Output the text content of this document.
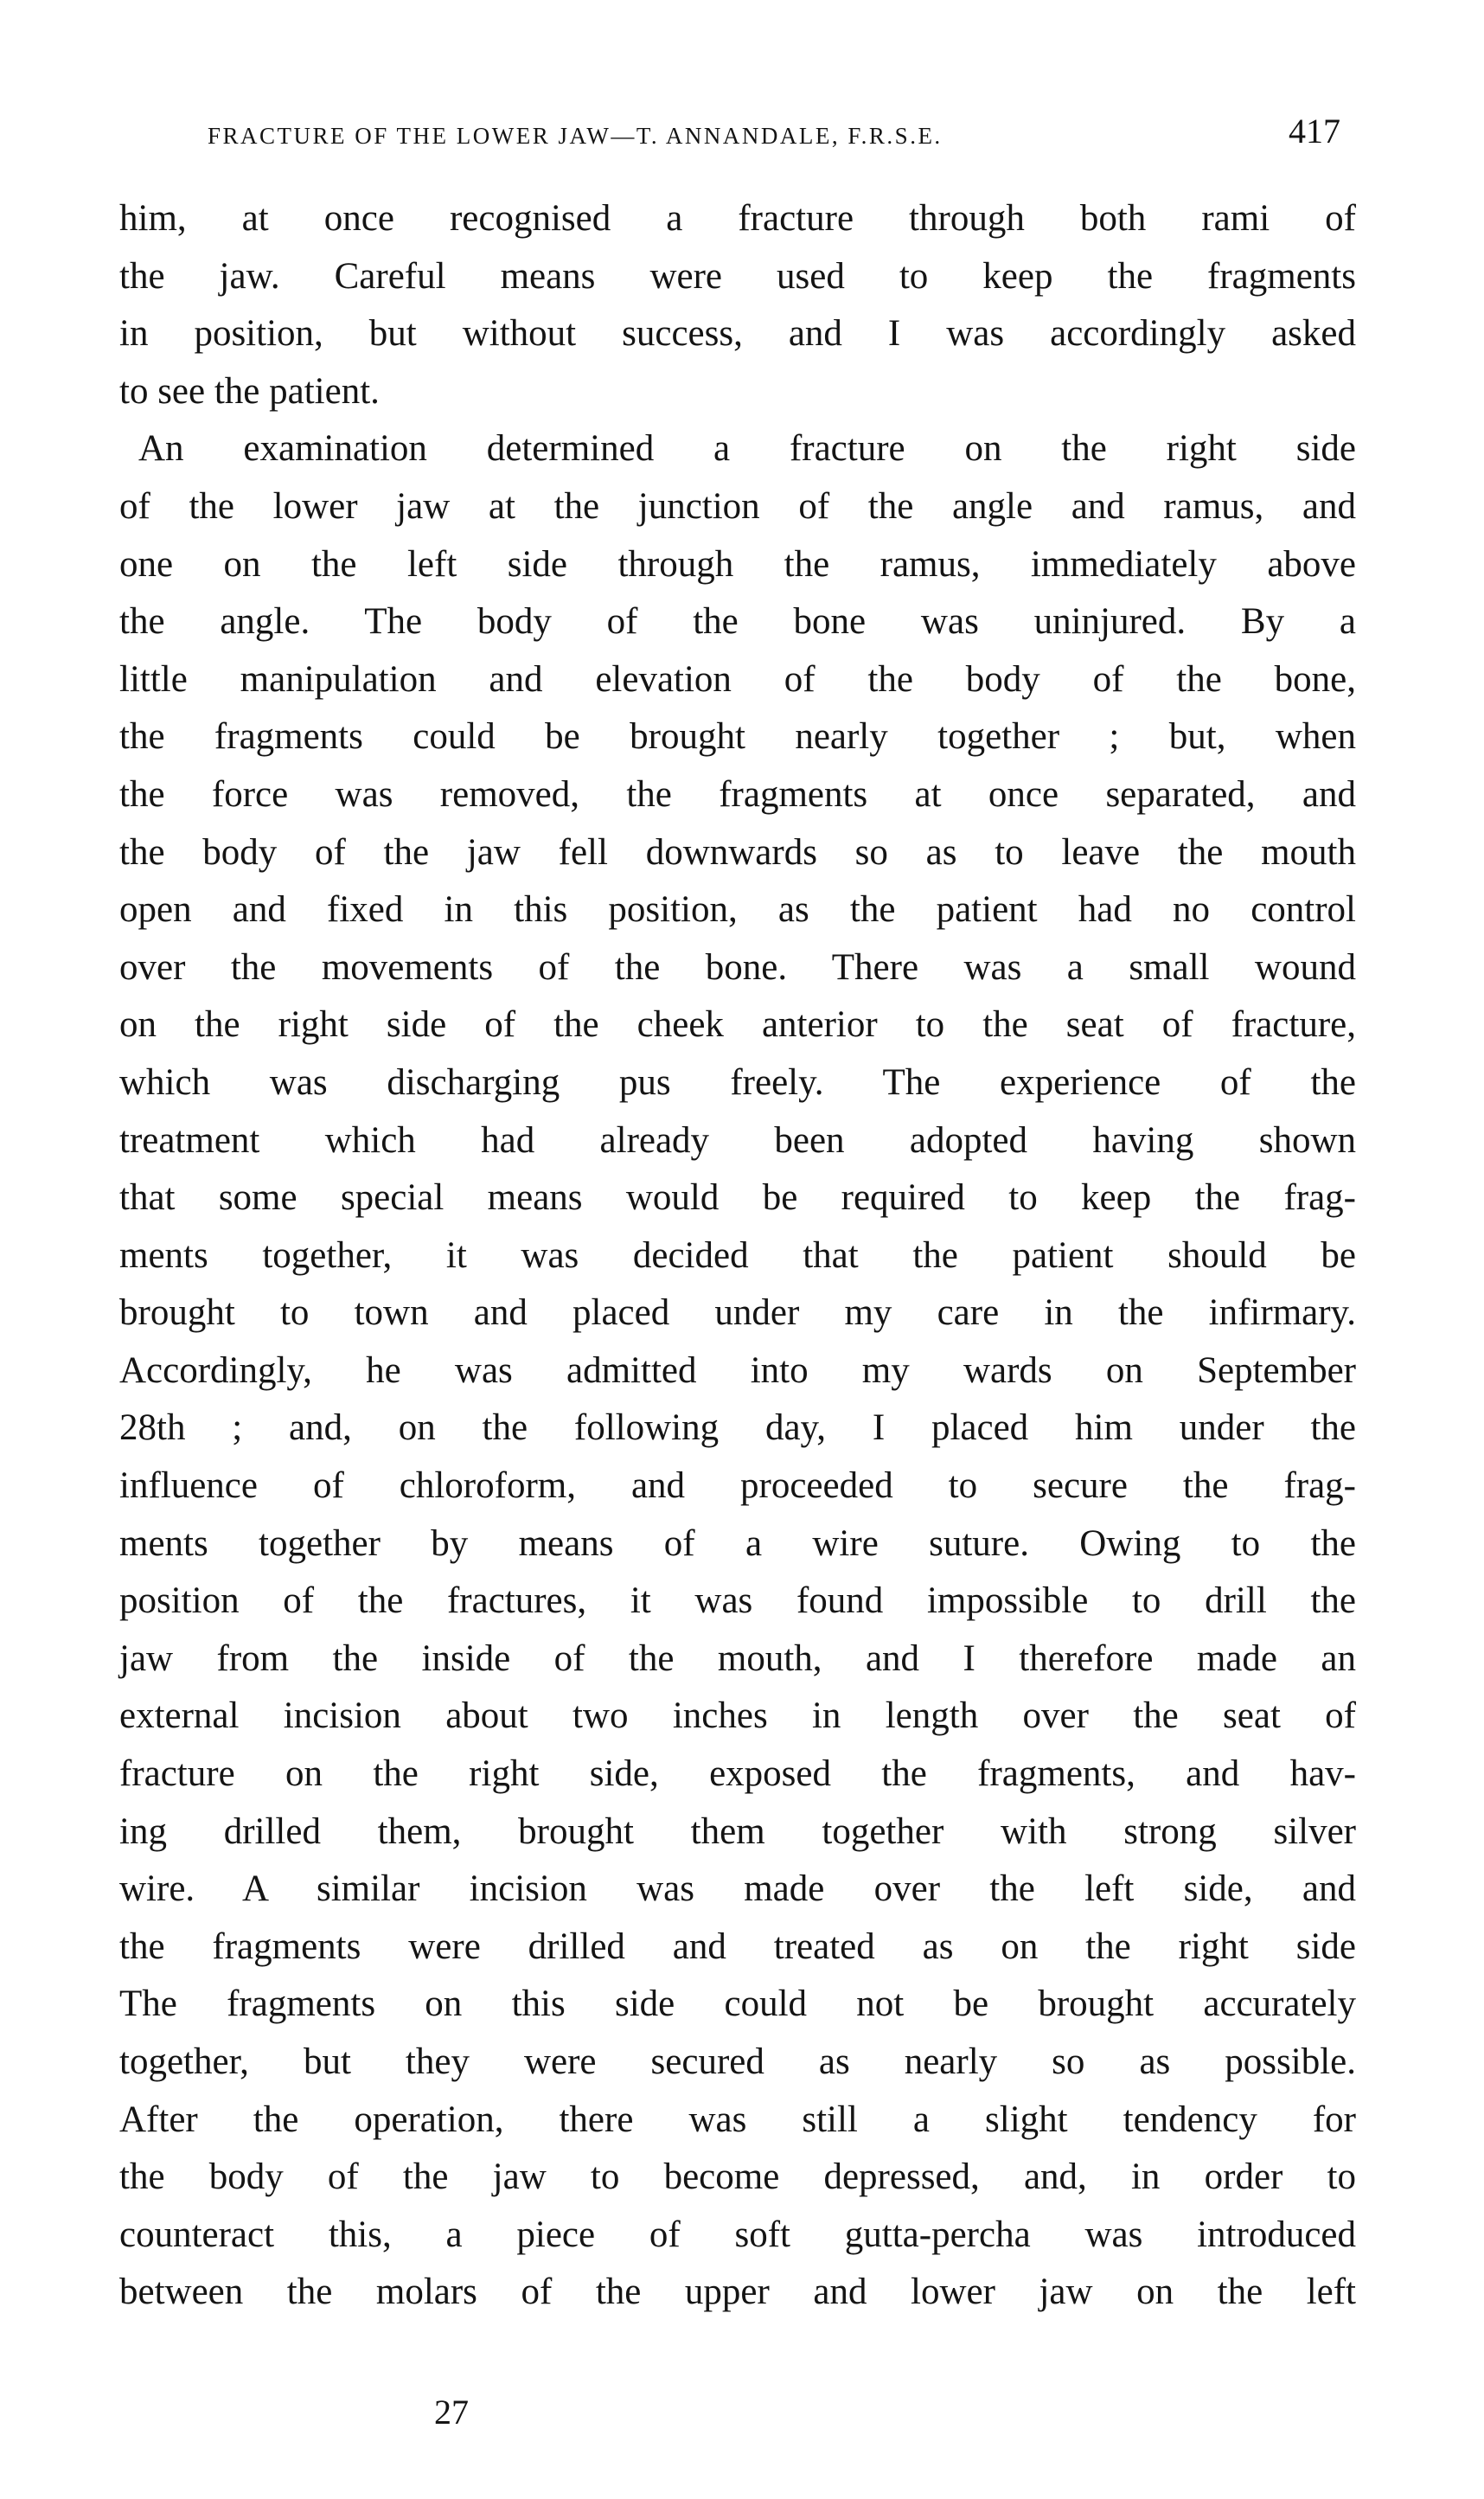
FRACTURE OF THE LOWER JAW—T. ANNANDALE, F.R.S.E.	417
him, at once recognised a fracture through both rami of
the jaw. Careful means were used to keep the fragments
in position, but without success, and I was accordingly asked
to see the patient.
An examination determined a fracture on the right side
of the lower jaw at the junction of the angle and ramus, and
one on the left side through the ramus, immediately above
the angle. The body of the bone was uninjured. By a
little manipulation and elevation of the body of the bone,
the fragments could be brought nearly together ; but, when
the force was removed, the fragments at once separated, and
the body of the jaw fell downwards so as to leave the mouth
open and fixed in this position, as the patient had no control
over the movements of the bone. There was a small wound
on the right side of the cheek anterior to the seat of fracture,
which was discharging pus freely. The experience of the
treatment which had already been adopted having shown
that some special means would be required to keep the frag-
ments together, it was decided that the patient should be
brought to town and placed under my care in the infirmary.
Accordingly, he was admitted into my wards on September
28th ; and, on the following day, I placed him under the
influence of chloroform, and proceeded to secure the frag-
ments together by means of a wire suture. Owing to the
position of the fractures, it was found impossible to drill the
jaw from the inside of the mouth, and I therefore made an
external incision about two inches in length over the seat of
fracture on the right side, exposed the fragments, and hav-
ing drilled them, brought them together with strong silver
wire. A similar incision was made over the left side, and
the fragments were drilled and treated as on the right side
The fragments on this side could not be brought accurately
together, but they were secured as nearly so as possible.
After the operation, there was still a slight tendency for
the body of the jaw to become depressed, and, in order to
counteract this, a piece of soft gutta-percha was introduced
between the molars of the upper and lower jaw on the left
27
